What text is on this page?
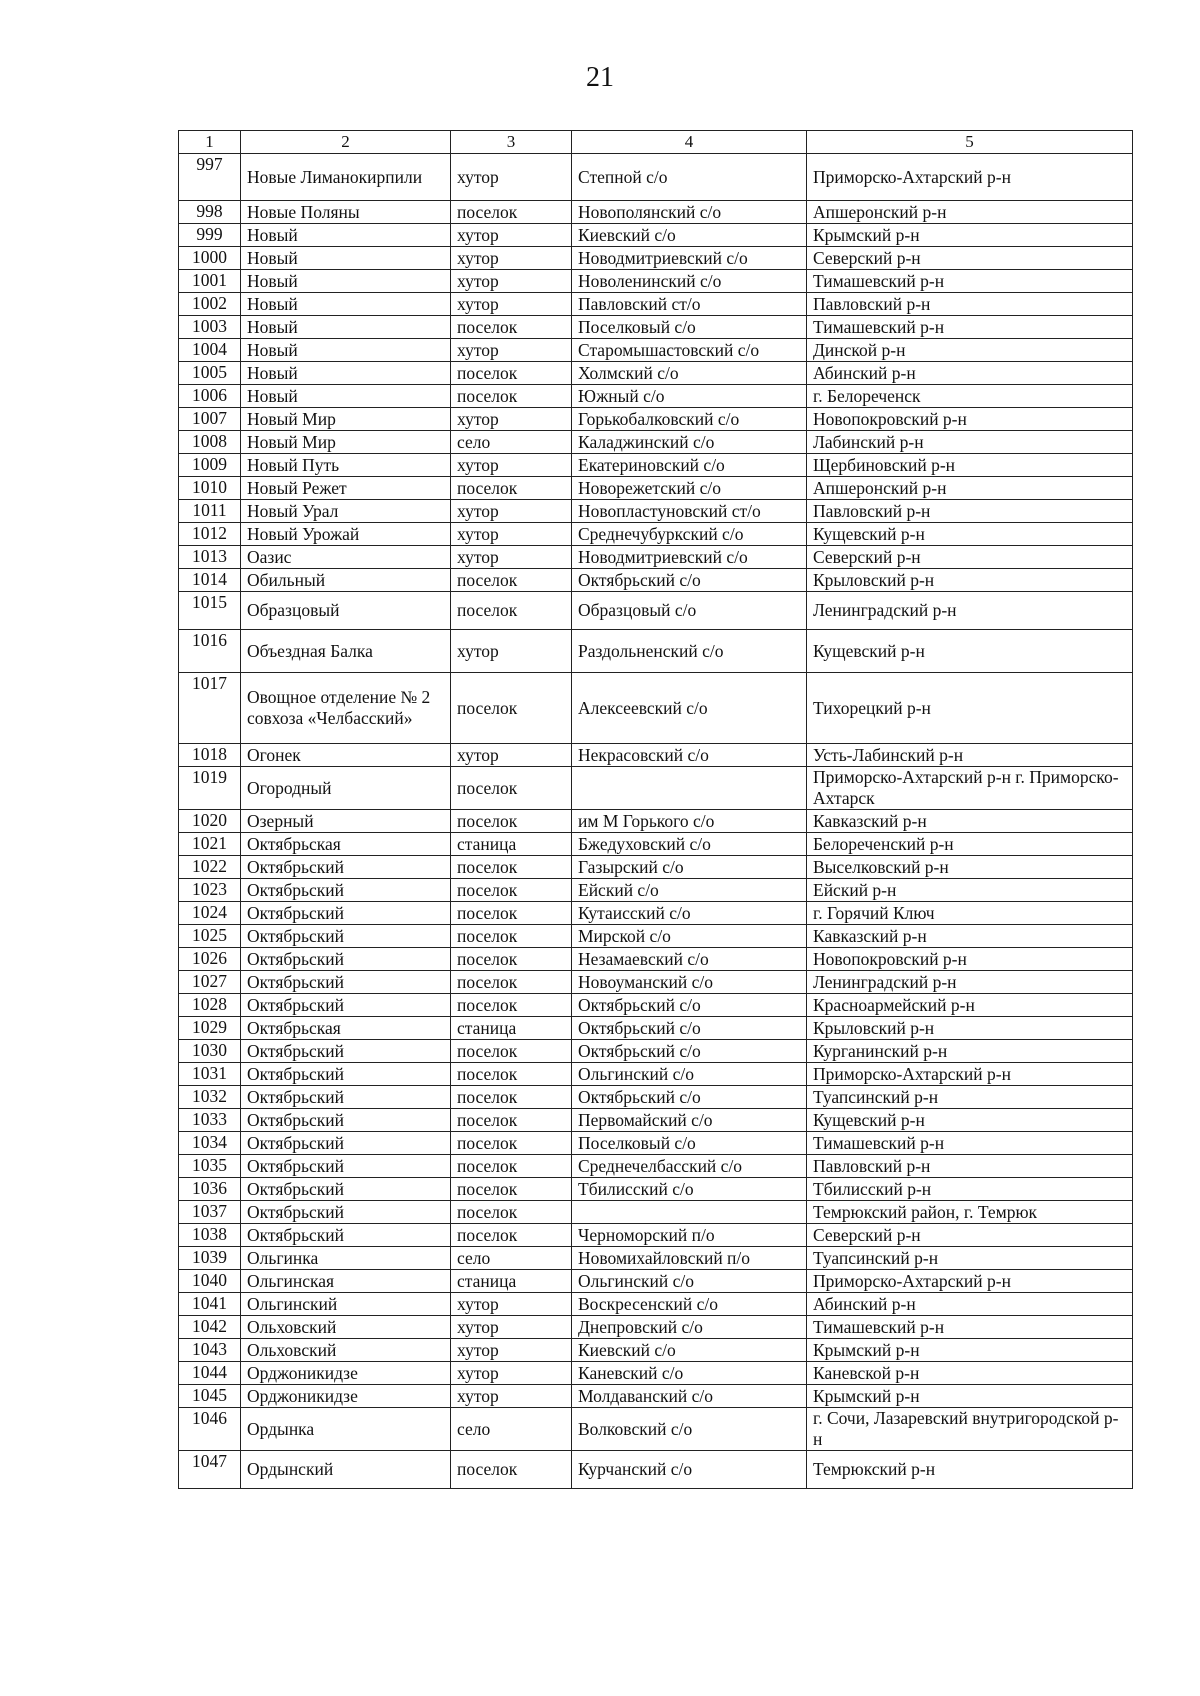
21
1	2	3	4	5
997	Новые Лиманокирпили	хутор	Степной с/о	Приморско-Ахтарский р-н
998	Новые Поляны	поселок	Новополянский с/о	Апшеронский р-н
999	Новый	хутор	Киевский с/о	Крымский р-н
1000	Новый	хутор	Новодмитриевский с/о	Северский р-н
1001	Новый	хутор	Новоленинский с/о	Тимашевский р-н
1002	Новый	хутор	Павловский ст/о	Павловский р-н
1003	Новый	поселок	Поселковый с/о	Тимашевский р-н
1004	Новый	хутор	Старомышастовский с/о	Динской р-н
1005	Новый	поселок	Холмский с/о	Абинский р-н
1006	Новый	поселок	Южный с/о	г. Белореченск
1007	Новый Мир	хутор	Горькобалковский с/о	Новопокровский р-н
1008	Новый Мир	село	Каладжинский с/о	Лабинский р-н
1009	Новый Путь	хутор	Екатериновский с/о	Щербиновский р-н
1010	Новый Режет	поселок	Новорежетский с/о	Апшеронский р-н
1011	Новый Урал	хутор	Новопластуновский ст/о	Павловский р-н
1012	Новый Урожай	хутор	Среднечубуркский с/о	Кущевский р-н
1013	Оазис	хутор	Новодмитриевский с/о	Северский р-н
1014	Обильный	поселок	Октябрьский с/о	Крыловский р-н
1015	Образцовый	поселок	Образцовый с/о	Ленинградский р-н
1016	Объездная Балка	хутор	Раздольненский с/о	Кущевский р-н
1017	Овощное отделение № 2 совхоза «Челбасский»	поселок	Алексеевский с/о	Тихорецкий р-н
1018	Огонек	хутор	Некрасовский с/о	Усть-Лабинский р-н
1019	Огородный	поселок		Приморско-Ахтарский р-н г. Приморско-Ахтарск
1020	Озерный	поселок	им М Горького с/о	Кавказский р-н
1021	Октябрьская	станица	Бжедуховский с/о	Белореченский р-н
1022	Октябрьский	поселок	Газырский с/о	Выселковский р-н
1023	Октябрьский	поселок	Ейский с/о	Ейский р-н
1024	Октябрьский	поселок	Кутаисский с/о	г. Горячий Ключ
1025	Октябрьский	поселок	Мирской с/о	Кавказский р-н
1026	Октябрьский	поселок	Незамаевский с/о	Новопокровский р-н
1027	Октябрьский	поселок	Новоуманский с/о	Ленинградский р-н
1028	Октябрьский	поселок	Октябрьский с/о	Красноармейский р-н
1029	Октябрьская	станица	Октябрьский с/о	Крыловский р-н
1030	Октябрьский	поселок	Октябрьский с/о	Курганинский р-н
1031	Октябрьский	поселок	Ольгинский с/о	Приморско-Ахтарский р-н
1032	Октябрьский	поселок	Октябрьский с/о	Туапсинский р-н
1033	Октябрьский	поселок	Первомайский с/о	Кущевский р-н
1034	Октябрьский	поселок	Поселковый с/о	Тимашевский р-н
1035	Октябрьский	поселок	Среднечелбасский с/о	Павловский р-н
1036	Октябрьский	поселок	Тбилисский с/о	Тбилисский р-н
1037	Октябрьский	поселок		Темрюкский район, г. Темрюк
1038	Октябрьский	поселок	Черноморский п/о	Северский р-н
1039	Ольгинка	село	Новомихайловский п/о	Туапсинский р-н
1040	Ольгинская	станица	Ольгинский с/о	Приморско-Ахтарский р-н
1041	Ольгинский	хутор	Воскресенский с/о	Абинский р-н
1042	Ольховский	хутор	Днепровский с/о	Тимашевский р-н
1043	Ольховский	хутор	Киевский с/о	Крымский р-н
1044	Орджоникидзе	хутор	Каневский с/о	Каневской р-н
1045	Орджоникидзе	хутор	Молдаванский с/о	Крымский р-н
1046	Ордынка	село	Волковский с/о	г. Сочи, Лазаревский внутригородской р-н
1047	Ордынский	поселок	Курчанский с/о	Темрюкский р-н
